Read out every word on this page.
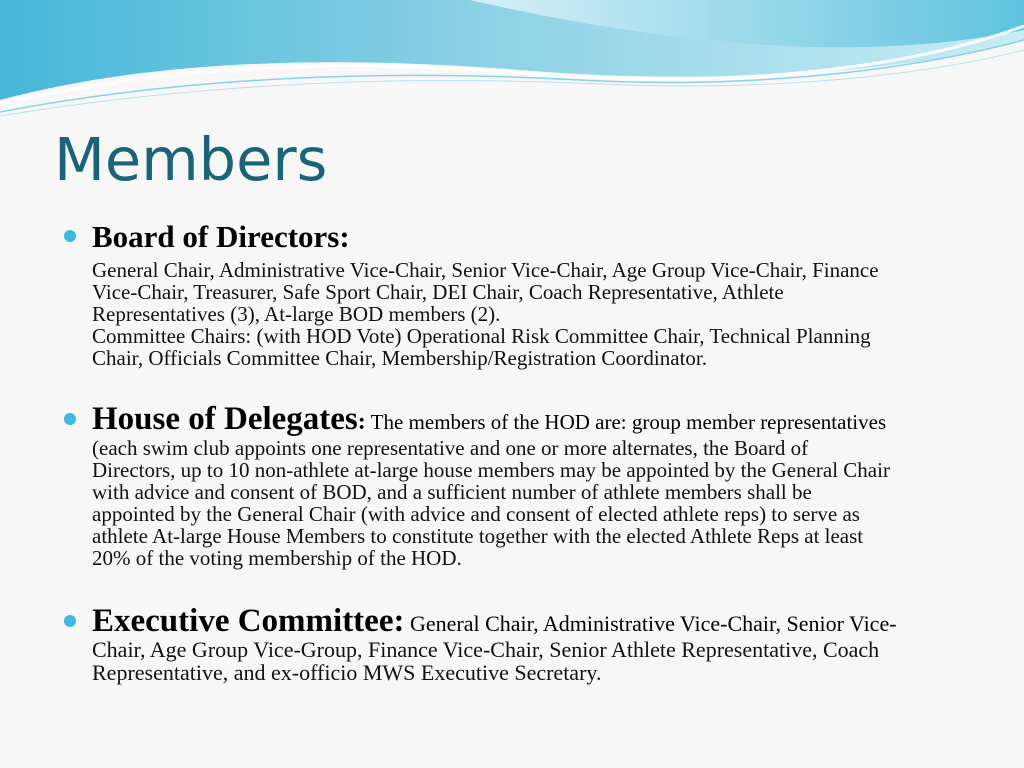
Members
Board of Directors:
General Chair, Administrative Vice-Chair, Senior Vice-Chair, Age Group Vice-Chair, Finance
Vice-Chair, Treasurer, Safe Sport Chair, DEI Chair, Coach Representative, Athlete
Representatives (3), At-large BOD members (2).
Committee Chairs: (with HOD Vote) Operational Risk Committee Chair, Technical Planning
Chair, Officials Committee Chair, Membership/Registration Coordinator.
House of Delegates: The members of the HOD are: group member representatives
(each swim club appoints one representative and one or more alternates, the Board of
Directors, up to 10 non-athlete at-large house members may be appointed by the General Chair
with advice and consent of BOD, and a sufficient number of athlete members shall be
appointed by the General Chair (with advice and consent of elected athlete reps) to serve as
athlete At-large House Members to constitute together with the elected Athlete Reps at least
20% of the voting membership of the HOD.
Executive Committee: General Chair, Administrative Vice-Chair, Senior Vice-
Chair, Age Group Vice-Group, Finance Vice-Chair, Senior Athlete Representative, Coach
Representative, and ex-officio MWS Executive Secretary.
